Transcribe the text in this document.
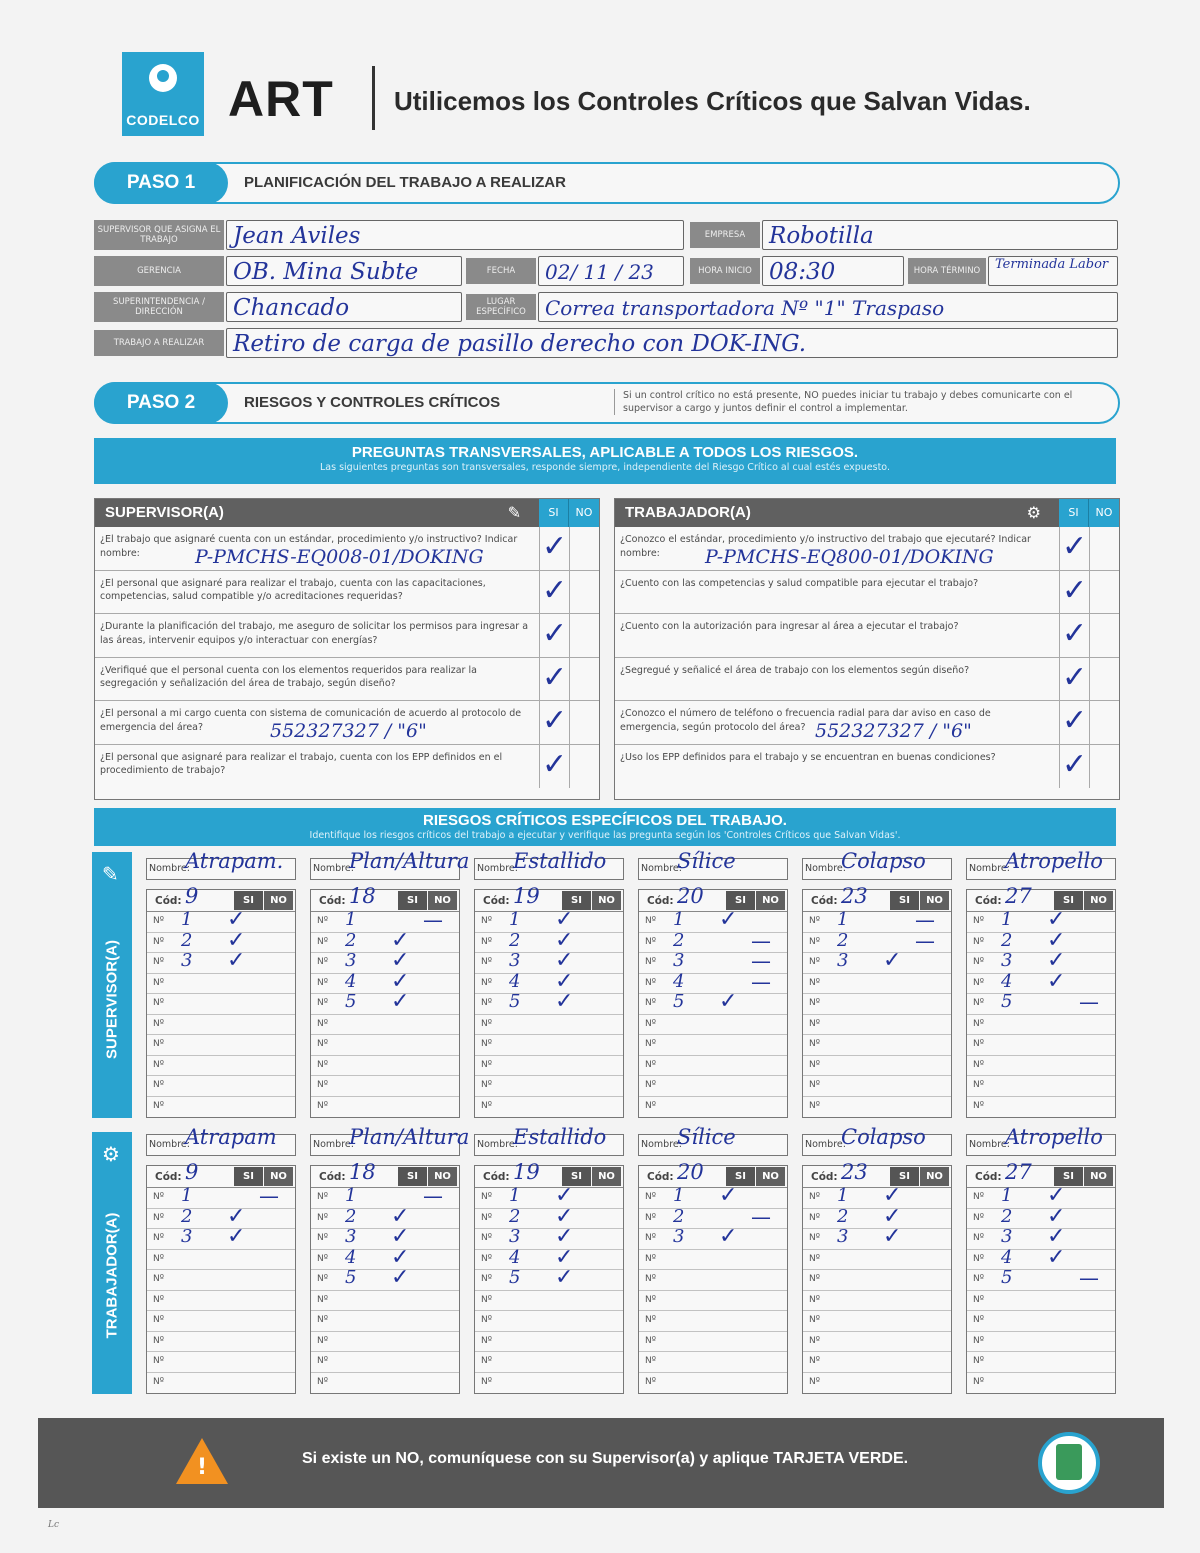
CODELCO ART Utilicemos los Controles Críticos que Salvan Vidas.
PASO 1	PLANIFICACIÓN DEL TRABAJO A REALIZAR
SUPERVISOR QUE ASIGNA EL TRABAJO	Jean Aviles	EMPRESA	Robotilla
GERENCIA	OB. Mina Subte	FECHA	02/ 11 / 23	HORA INICIO 08:30	HORA TÉRMINO	Terminada Labor
SUPERINTENDENCIA / DIRECCIÓN	Chancado	LUGAR ESPECÍFICO Correa transportadora Nº "1" Traspaso
TRABAJO A REALIZAR	Retiro de carga de pasillo derecho con DOK-ING.
PASO 2	RIESGOS Y CONTROLES CRÍTICOS	Si un control crítico no está presente, NO puedes iniciar tu trabajo y debes comunicarte con el supervisor a cargo y juntos definir el control a implementar.
PREGUNTAS TRANSVERSALES, APLICABLE A TODOS LOS RIESGOS.
Las siguientes preguntas son transversales, responde siempre, independiente del Riesgo Crítico al cual estés expuesto.
SUPERVISOR(A)	✎	SI	NO
¿El trabajo que asignaré cuenta con un estándar, procedimiento y/o instructivo? Indicar nombre:	P-PMCHS-EQ008-01/DOKING ✓
¿El personal que asignaré para realizar el trabajo, cuenta con las capacitaciones, competencias, salud compatible y/o acreditaciones requeridas?	✓
¿Durante la planificación del trabajo, me aseguro de solicitar los permisos para ingresar a las áreas, intervenir equipos y/o interactuar con energías?	✓
¿Verifiqué que el personal cuenta con los elementos requeridos para realizar la segregación y señalización del área de trabajo, según diseño?	✓
¿El personal a mi cargo cuenta con sistema de comunicación de acuerdo al protocolo de emergencia del área?	552327327 / "6"	✓
¿El personal que asignaré para realizar el trabajo, cuenta con los EPP definidos en el procedimiento de trabajo?	✓
TRABAJADOR(A)	⚙	SI	NO
¿Conozco el estándar, procedimiento y/o instructivo del trabajo que ejecutaré? Indicar nombre:	P-PMCHS-EQ800-01/DOKING ✓
¿Cuento con las competencias y salud compatible para ejecutar el trabajo?	✓
¿Cuento con la autorización para ingresar al área a ejecutar el trabajo?	✓
¿Segregué y señalicé el área de trabajo con los elementos según diseño?	✓
¿Conozco el número de teléfono o frecuencia radial para dar aviso en caso de emergencia, según protocolo del área? 552327327 / "6"	✓
¿Uso los EPP definidos para el trabajo y se encuentran en buenas condiciones?	✓
RIESGOS CRÍTICOS ESPECÍFICOS DEL TRABAJO.
Identifique los riesgos críticos del trabajo a ejecutar y verifique las pregunta según los 'Controles Críticos que Salvan Vidas'.
✎
SUPERVISOR(A)
⚙
TRABAJADOR(A)
Nombre:
Atrapam.
Cód: 9	SI	NO
Nº 1 ✓
Nº 2 ✓
Nº 3 ✓
Nº
Nº
Nº
Nº
Nº
Nº
Nº
Nombre:
Plan/Altura
Cód: 18	SI	NO
Nº 1	—
Nº 2 ✓
Nº 3 ✓
Nº 4 ✓
Nº 5 ✓
Nº
Nº
Nº
Nº
Nº
Nombre:
Estallido
Cód: 19	SI	NO
Nº 1 ✓
Nº 2 ✓
Nº 3 ✓
Nº 4 ✓
Nº 5 ✓
Nº
Nº
Nº
Nº
Nº
Nombre:
Sílice
Cód: 20	SI	NO
Nº 1 ✓
Nº 2	—
Nº 3	—
Nº 4	—
Nº 5 ✓
Nº
Nº
Nº
Nº
Nº
Nombre:
Colapso
Cód: 23	SI	NO
Nº 1	—
Nº 2	—
Nº 3 ✓
Nº
Nº
Nº
Nº
Nº
Nº
Nº
Nombre:
Atropello
Cód: 27	SI	NO
Nº 1 ✓
Nº 2 ✓
Nº 3 ✓
Nº 4 ✓
Nº 5	—
Nº
Nº
Nº
Nº
Nº
Nombre:
Atrapam
Cód: 9	SI	NO
Nº 1	—
Nº 2 ✓
Nº 3 ✓
Nº
Nº
Nº
Nº
Nº
Nº
Nº
Nombre:
Plan/Altura
Cód: 18	SI	NO
Nº 1	—
Nº 2 ✓
Nº 3 ✓
Nº 4 ✓
Nº 5 ✓
Nº
Nº
Nº
Nº
Nº
Nombre:
Estallido
Cód: 19	SI	NO
Nº 1 ✓
Nº 2 ✓
Nº 3 ✓
Nº 4 ✓
Nº 5 ✓
Nº
Nº
Nº
Nº
Nº
Nombre:
Sílice
Cód: 20	SI	NO
Nº 1 ✓
Nº 2	—
Nº 3 ✓
Nº
Nº
Nº
Nº
Nº
Nº
Nº
Nombre:
Colapso
Cód: 23	SI	NO
Nº 1 ✓
Nº 2 ✓
Nº 3 ✓
Nº
Nº
Nº
Nº
Nº
Nº
Nº
Nombre:
Atropello
Cód: 27	SI	NO
Nº 1 ✓
Nº 2 ✓
Nº 3 ✓
Nº 4 ✓
Nº 5	—
Nº
Nº
Nº
Nº
Nº
!	Si existe un NO, comuníquese con su Supervisor(a) y aplique TARJETA VERDE.
Lc
